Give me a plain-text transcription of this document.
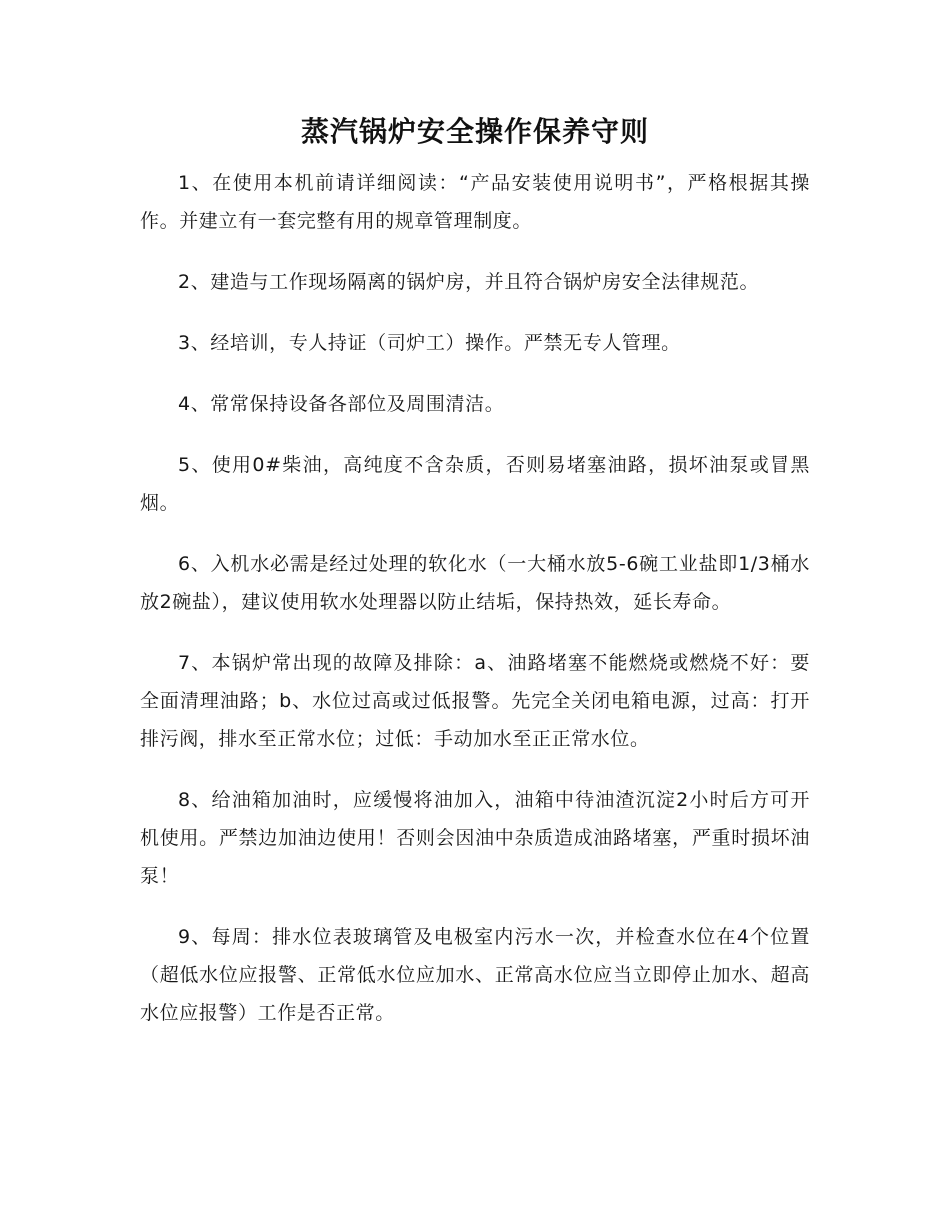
蒸汽锅炉安全操作保养守则

1、在使用本机前请详细阅读：“产品安装使用说明书”，严格根据其操作。并建立有一套完整有用的规章管理制度。

2、建造与工作现场隔离的锅炉房，并且符合锅炉房安全法律规范。

3、经培训，专人持证（司炉工）操作。严禁无专人管理。

4、常常保持设备各部位及周围清洁。

5、使用0#柴油，高纯度不含杂质，否则易堵塞油路，损坏油泵或冒黑烟。

6、入机水必需是经过处理的软化水（一大桶水放5-6碗工业盐即1/3桶水放2碗盐），建议使用软水处理器以防止结垢，保持热效，延长寿命。

7、本锅炉常出现的故障及排除：a、油路堵塞不能燃烧或燃烧不好：要全面清理油路；b、水位过高或过低报警。先完全关闭电箱电源，过高：打开排污阀，排水至正常水位；过低：手动加水至正正常水位。

8、给油箱加油时，应缓慢将油加入，油箱中待油渣沉淀2小时后方可开机使用。严禁边加油边使用！否则会因油中杂质造成油路堵塞，严重时损坏油泵！

9、每周：排水位表玻璃管及电极室内污水一次，并检查水位在4个位置（超低水位应报警、正常低水位应加水、正常高水位应当立即停止加水、超高水位应报警）工作是否正常。
